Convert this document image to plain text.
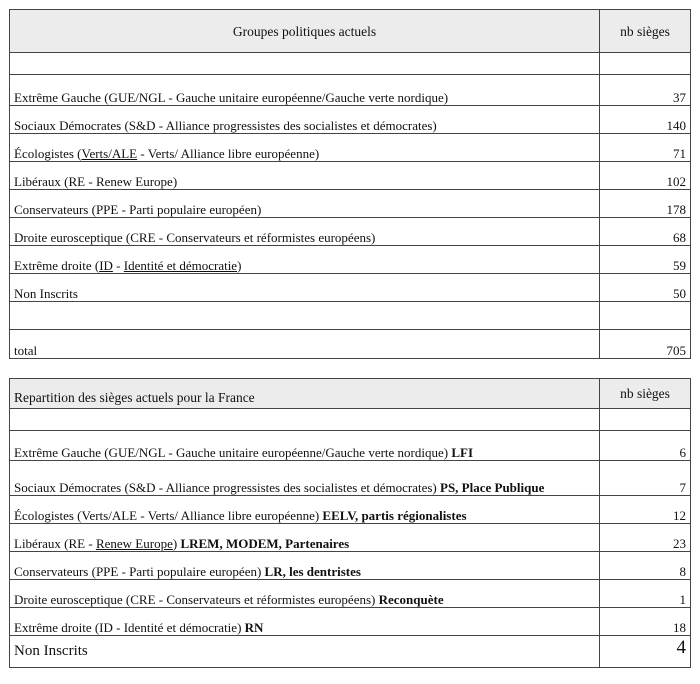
Groupes politiques actuels	nb sièges

Extrême Gauche (GUE/NGL - Gauche unitaire européenne/Gauche verte nordique)	37
Sociaux Démocrates (S&D - Alliance progressistes des socialistes et démocrates)	140
Écologistes (Verts/ALE - Verts/ Alliance libre européenne)	71
Libéraux (RE - Renew Europe)	102
Conservateurs (PPE - Parti populaire européen)	178
Droite eurosceptique (CRE - Conservateurs et réformistes européens)	68
Extrême droite (ID - Identité et démocratie)	59
Non Inscrits	50

total	705
Repartition des sièges actuels pour la France	nb sièges

Extrême Gauche (GUE/NGL - Gauche unitaire européenne/Gauche verte nordique) LFI	6
Sociaux Démocrates (S&D - Alliance progressistes des socialistes et démocrates) PS, Place Publique	7
Écologistes (Verts/ALE - Verts/ Alliance libre européenne) EELV, partis régionalistes	12
Libéraux (RE - Renew Europe) LREM, MODEM, Partenaires	23
Conservateurs (PPE - Parti populaire européen) LR, les dentristes	8
Droite eurosceptique (CRE - Conservateurs et réformistes européens) Reconquète	1
Extrême droite (ID - Identité et démocratie) RN	18
Non Inscrits	4
